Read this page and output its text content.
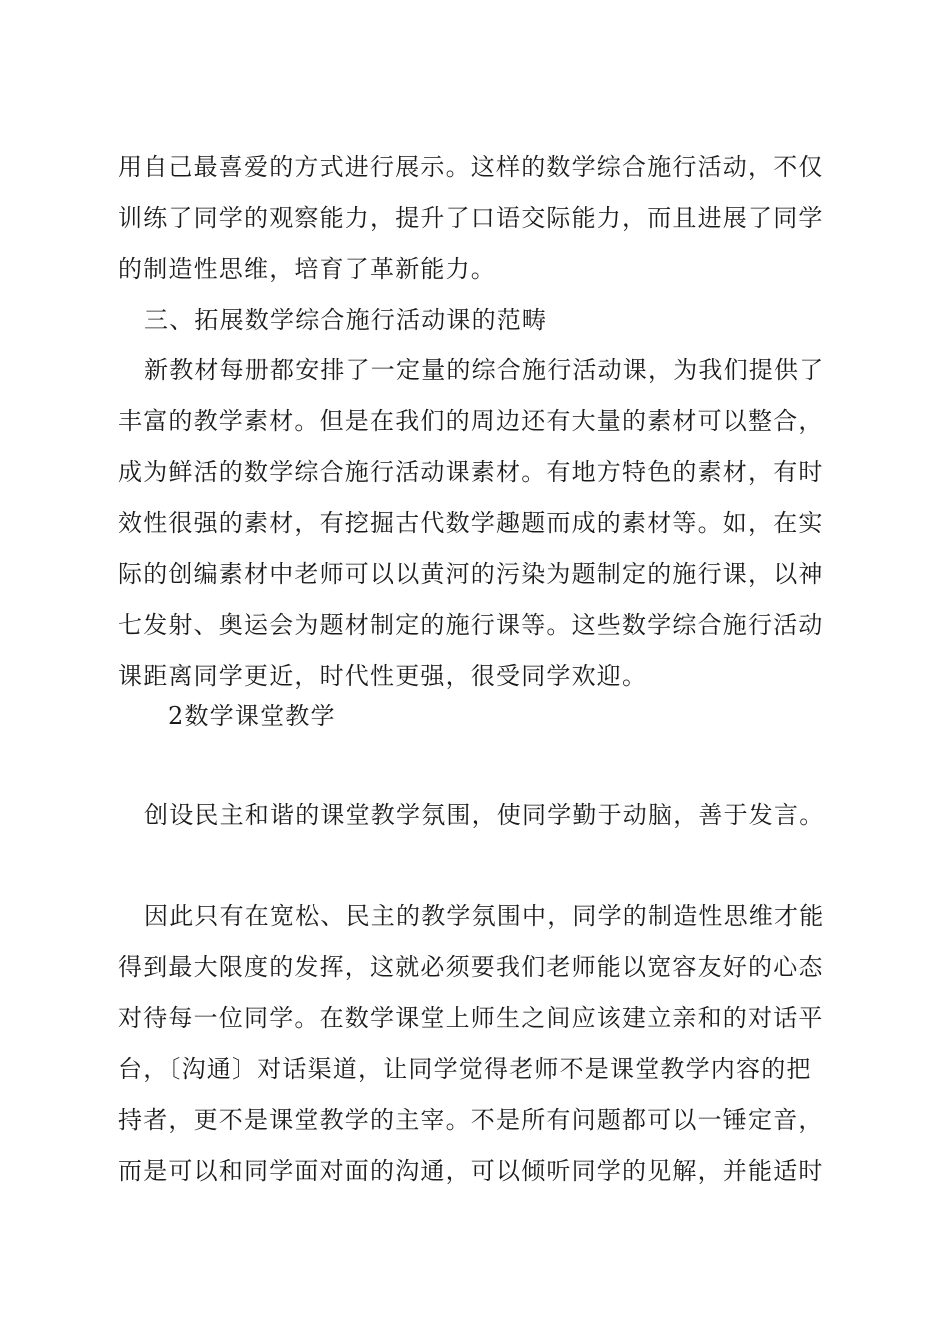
用自己最喜爱的方式进行展示。这样的数学综合施行活动，不仅
训练了同学的观察能力，提升了口语交际能力，而且进展了同学
的制造性思维，培育了革新能力。
三、拓展数学综合施行活动课的范畴
新教材每册都安排了一定量的综合施行活动课，为我们提供了
丰富的教学素材。但是在我们的周边还有大量的素材可以整合，
成为鲜活的数学综合施行活动课素材。有地方特色的素材，有时
效性很强的素材，有挖掘古代数学趣题而成的素材等。如，在实
际的创编素材中老师可以以黄河的污染为题制定的施行课，以神
七发射、奥运会为题材制定的施行课等。这些数学综合施行活动
课距离同学更近，时代性更强，很受同学欢迎。
2数学课堂教学
创设民主和谐的课堂教学氛围，使同学勤于动脑，善于发言。
因此只有在宽松、民主的教学氛围中，同学的制造性思维才能
得到最大限度的发挥，这就必须要我们老师能以宽容友好的心态
对待每一位同学。在数学课堂上师生之间应该建立亲和的对话平
台，〔沟通〕对话渠道，让同学觉得老师不是课堂教学内容的把
持者，更不是课堂教学的主宰。不是所有问题都可以一锤定音，
而是可以和同学面对面的沟通，可以倾听同学的见解，并能适时
